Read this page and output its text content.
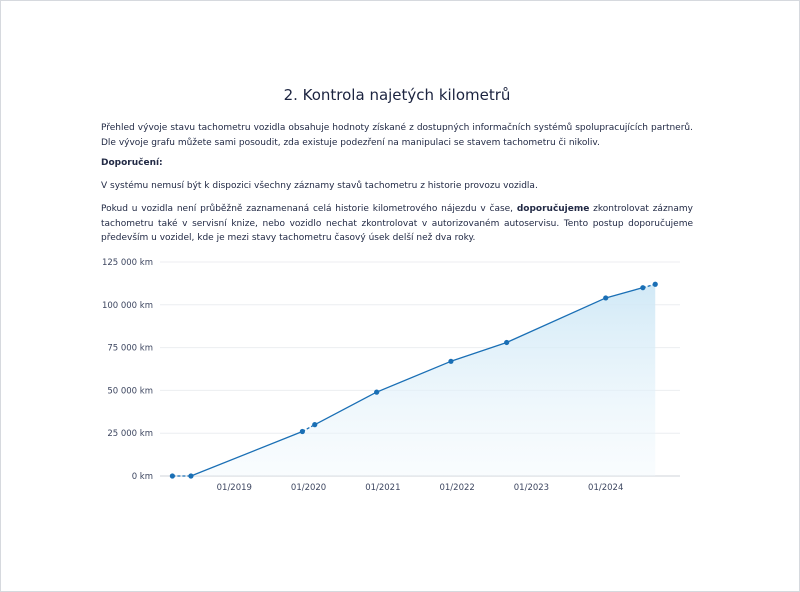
2. Kontrola najetých kilometrů
Přehled vývoje stavu tachometru vozidla obsahuje hodnoty získané z dostupných informačních systémů spolupracujících partnerů. Dle vývoje grafu můžete sami posoudit, zda existuje podezření na manipulaci se stavem tachometru či nikoliv.
Doporučení:
V systému nemusí být k dispozici všechny záznamy stavů tachometru z historie provozu vozidla.
Pokud u vozidla není průběžně zaznamenaná celá historie kilometrového nájezdu v čase, doporučujeme zkontrolovat záznamy tachometru také v servisní knize, nebo vozidlo nechat zkontrolovat v autorizovaném autoservisu. Tento postup doporučujeme především u vozidel, kde je mezi stavy tachometru časový úsek delší než dva roky.
0 km
25 000 km
50 000 km
75 000 km
100 000 km
125 000 km
01/2019	01/2020	01/2021	01/2022	01/2023	01/2024
